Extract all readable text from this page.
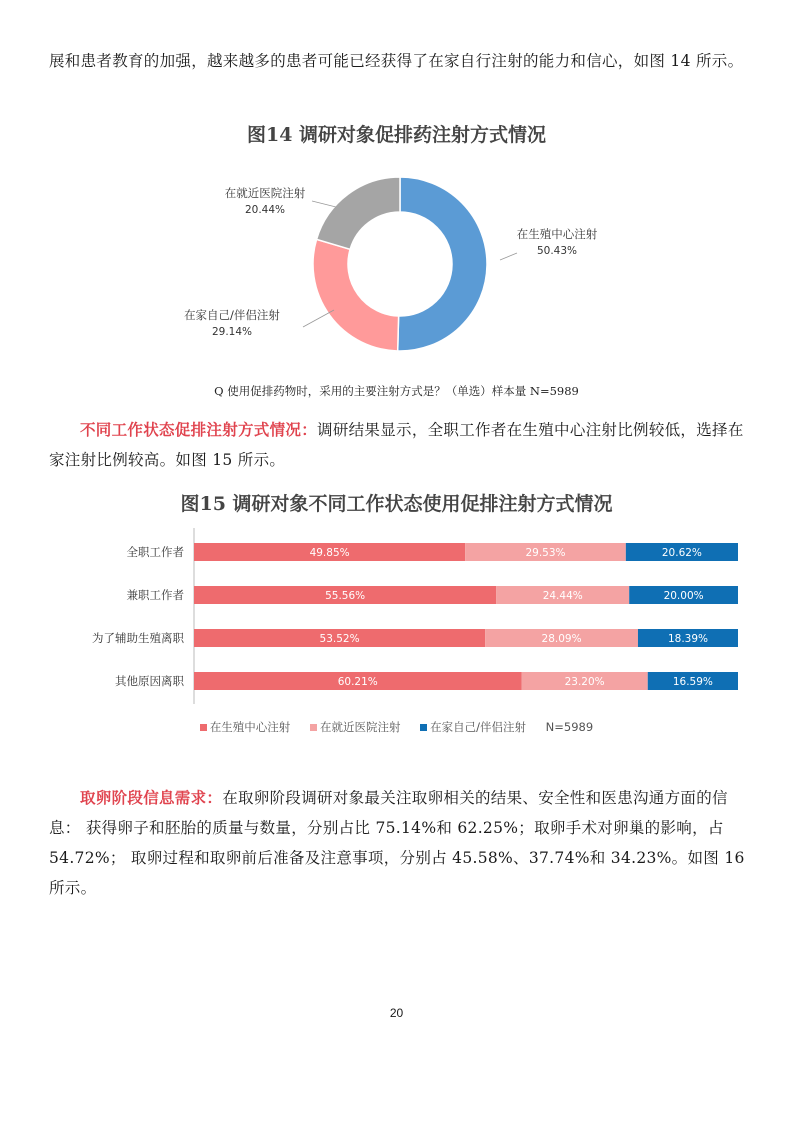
展和患者教育的加强，越来越多的患者可能已经获得了在家自行注射的能力和信心，如图 14 所示。

图14 调研对象促排药注射方式情况
在生殖中心注射
50.43%
在家自己/伴侣注射
29.14%
在就近医院注射
20.44%

Q 使用促排药物时，采用的主要注射方式是？（单选）样本量 N=5989

不同工作状态促排注射方式情况：调研结果显示，全职工作者在生殖中心注射比例较低，选择在家注射比例较高。如图 15 所示。

图15 调研对象不同工作状态使用促排注射方式情况
全职工作者	49.85%	29.53%	20.62%
兼职工作者	55.56%	24.44%	20.00%
为了辅助生殖离职	53.52%	28.09%	18.39%
其他原因离职	60.21%	23.20%	16.59%
在生殖中心注射	在就近医院注射	在家自己/伴侣注射 N=5989

取卵阶段信息需求：在取卵阶段调研对象最关注取卵相关的结果、安全性和医患沟通方面的信息： 获得卵子和胚胎的质量与数量，分别占比 75.14%和 62.25%；取卵手术对卵巢的影响，占 54.72%； 取卵过程和取卵前后准备及注意事项，分别占 45.58%、37.74%和 34.23%。如图 16 所示。

20
